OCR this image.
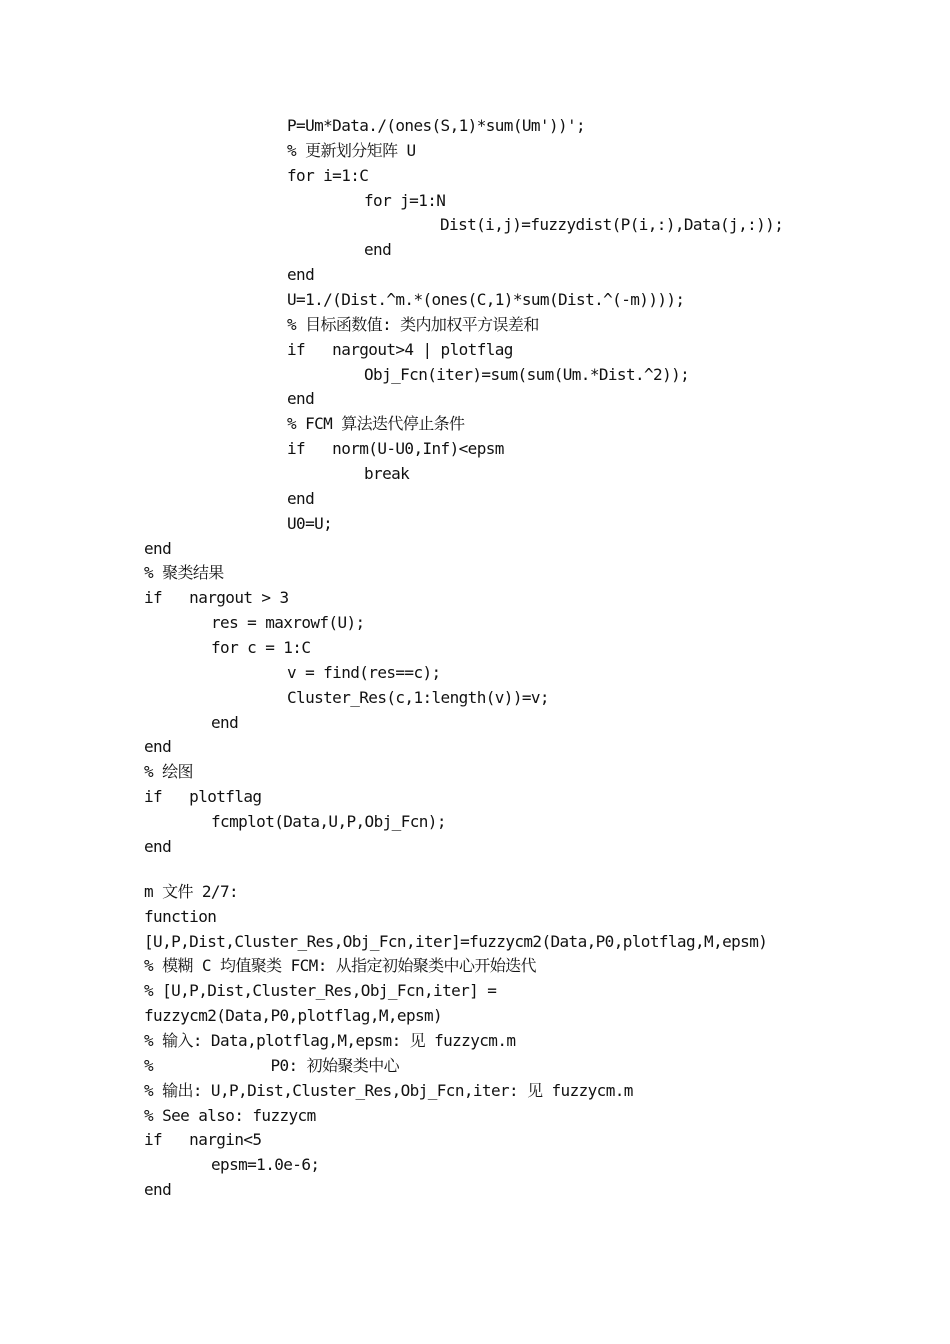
P=Um*Data./(ones(S,1)*sum(Um'))';
% 更新划分矩阵 U
for i=1:C
for j=1:N
Dist(i,j)=fuzzydist(P(i,:),Data(j,:));
end
end
U=1./(Dist.^m.*(ones(C,1)*sum(Dist.^(-m))));
% 目标函数值: 类内加权平方误差和
if   nargout>4 | plotflag
Obj_Fcn(iter)=sum(sum(Um.*Dist.^2));
end
% FCM 算法迭代停止条件
if   norm(U-U0,Inf)<epsm
break
end
U0=U;
end
% 聚类结果
if   nargout > 3
res = maxrowf(U);
for c = 1:C
v = find(res==c);
Cluster_Res(c,1:length(v))=v;
end
end
% 绘图
if   plotflag
fcmplot(Data,U,P,Obj_Fcn);
end
m 文件 2/7:
function
[U,P,Dist,Cluster_Res,Obj_Fcn,iter]=fuzzycm2(Data,P0,plotflag,M,epsm)
% 模糊 C 均值聚类 FCM: 从指定初始聚类中心开始迭代
% [U,P,Dist,Cluster_Res,Obj_Fcn,iter] =
fuzzycm2(Data,P0,plotflag,M,epsm)
% 输入: Data,plotflag,M,epsm: 见 fuzzycm.m
%             P0: 初始聚类中心
% 输出: U,P,Dist,Cluster_Res,Obj_Fcn,iter: 见 fuzzycm.m
% See also: fuzzycm
if   nargin<5
epsm=1.0e-6;
end
